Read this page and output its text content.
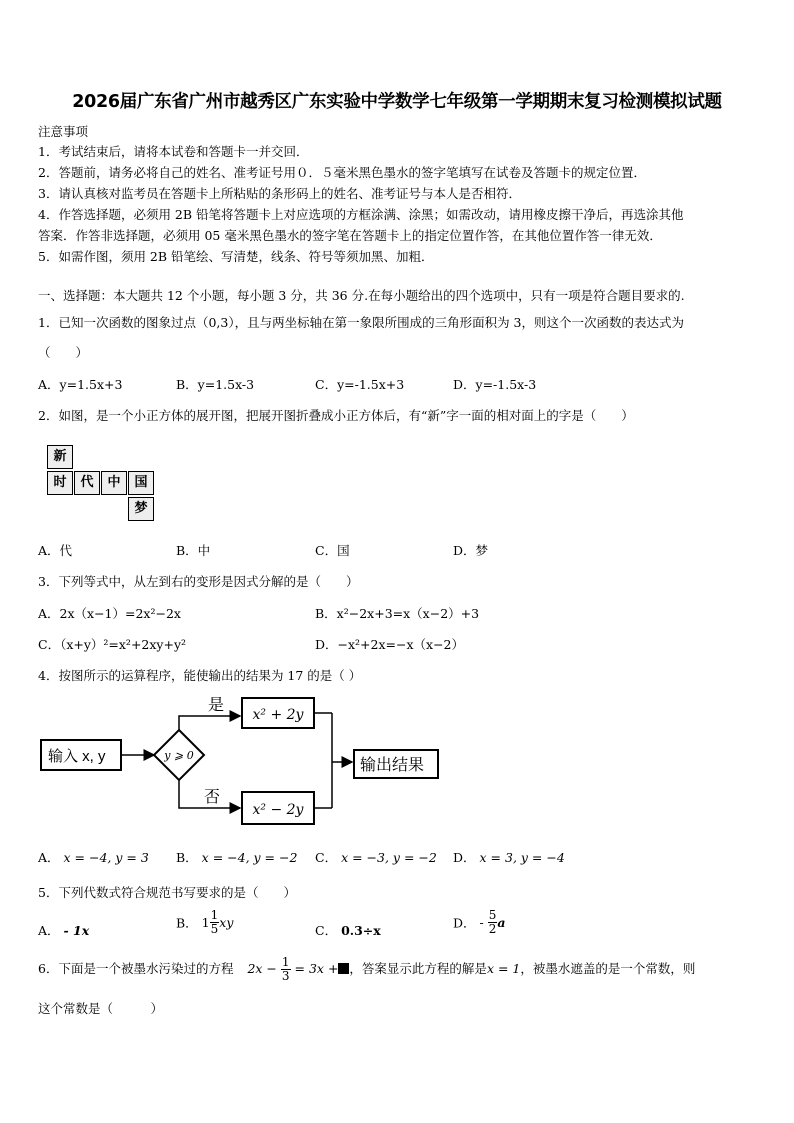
2026届广东省广州市越秀区广东实验中学数学七年级第一学期期末复习检测模拟试题
注意事项
1．考试结束后，请将本试卷和答题卡一并交回．
2．答题前，请务必将自己的姓名、准考证号用０．５毫米黑色墨水的签字笔填写在试卷及答题卡的规定位置．
3．请认真核对监考员在答题卡上所粘贴的条形码上的姓名、准考证号与本人是否相符．
4．作答选择题，必须用 2B 铅笔将答题卡上对应选项的方框涂满、涂黑；如需改动，请用橡皮擦干净后，再选涂其他
答案．作答非选择题，必须用 05 毫米黑色墨水的签字笔在答题卡上的指定位置作答，在其他位置作答一律无效．
5．如需作图，须用 2B 铅笔绘、写清楚，线条、符号等须加黑、加粗．
一、选择题：本大题共 12 个小题，每小题 3 分，共 36 分.在每小题给出的四个选项中，只有一项是符合题目要求的.
1．已知一次函数的图象过点（0,3），且与两坐标轴在第一象限所围成的三角形面积为 3，则这个一次函数的表达式为
（　　）
A．y=1.5x+3	B．y=1.5x-3	C．y=-1.5x+3	D．y=-1.5x-3
2．如图，是一个小正方体的展开图，把展开图折叠成小正方体后，有“新”字一面的相对面上的字是（　　）
新
时	代	中	国
梦
A．代	B．中	C．国	D．梦
3．下列等式中，从左到右的变形是因式分解的是（　　）
A．2x（x−1）=2x²−2x	B．x²−2x+3=x（x−2）+3
C．（x+y）²=x²+2xy+y²	D．−x²+2x=−x（x−2）
4．按图所示的运算程序，能使输出的结果为 17 的是（ ）
输入 x, y	y ⩾ 0
是
x² + 2y
否
x² − 2y
输出结果
A． x = −4, y = 3 B． x = −4, y = −2 C． x = −3, y = −2 D． x = 3, y = −4
5．下列代数式符合规范书写要求的是（　　）
A． - 1x	B． $1 \frac{1}{5}$ xy
C． 0.3÷x	D． - $\frac{5}{2}$ a
6．下面是一个被墨水污染过的方程 $2x - \frac{1}{3} = 3x$ + ，答案显示此方程的解是x = 1，被墨水遮盖的是一个常数，则
这个常数是（　　　）
